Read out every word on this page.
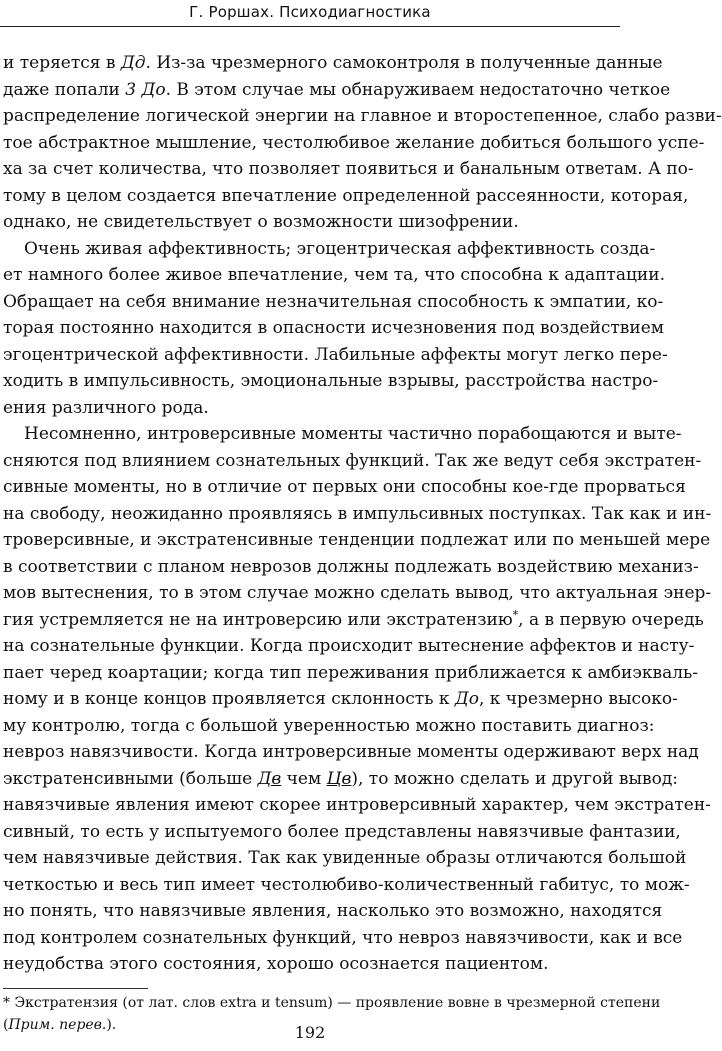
Г. Роршах. Психодиагностика
и теряется в Дд. Из-за чрезмерного самоконтроля в полученные данные
даже попали 3 До. В этом случае мы обнаруживаем недостаточно четкое
распределение логической энергии на главное и второстепенное, слабо разви-
тое абстрактное мышление, честолюбивое желание добиться большого успе-
ха за счет количества, что позволяет появиться и банальным ответам. А по-
тому в целом создается впечатление определенной рассеянности, которая,
однако, не свидетельствует о возможности шизофрении.
Очень живая аффективность; эгоцентрическая аффективность созда-
ет намного более живое впечатление, чем та, что способна к адаптации.
Обращает на себя внимание незначительная способность к эмпатии, ко-
торая постоянно находится в опасности исчезновения под воздействием
эгоцентрической аффективности. Лабильные аффекты могут легко пере-
ходить в импульсивность, эмоциональные взрывы, расстройства настро-
ения различного рода.
Несомненно, интроверсивные моменты частично порабощаются и выте-
сняются под влиянием сознательных функций. Так же ведут себя экстратен-
сивные моменты, но в отличие от первых они способны кое-где прорваться
на свободу, неожиданно проявляясь в импульсивных поступках. Так как и ин-
троверсивные, и экстратенсивные тенденции подлежат или по меньшей мере
в соответствии с планом неврозов должны подлежать воздействию механиз-
мов вытеснения, то в этом случае можно сделать вывод, что актуальная энер-
гия устремляется не на интроверсию или экстратензию*, а в первую очередь
на сознательные функции. Когда происходит вытеснение аффектов и насту-
пает черед коартации; когда тип переживания приближается к амбиэкваль-
ному и в конце концов проявляется склонность к До, к чрезмерно высоко-
му контролю, тогда с большой уверенностью можно поставить диагноз:
невроз навязчивости. Когда интроверсивные моменты одерживают верх над
экстратенсивными (больше Дв чем Цв), то можно сделать и другой вывод:
навязчивые явления имеют скорее интроверсивный характер, чем экстратен-
сивный, то есть у испытуемого более представлены навязчивые фантазии,
чем навязчивые действия. Так как увиденные образы отличаются большой
четкостью и весь тип имеет честолюбиво-количественный габитус, то мож-
но понять, что навязчивые явления, насколько это возможно, находятся
под контролем сознательных функций, что невроз навязчивости, как и все
неудобства этого состояния, хорошо осознается пациентом.
* Экстратензия (от лат. слов extra и tensum) — проявление вовне в чрезмерной степени
(Прим. перев.).	192
